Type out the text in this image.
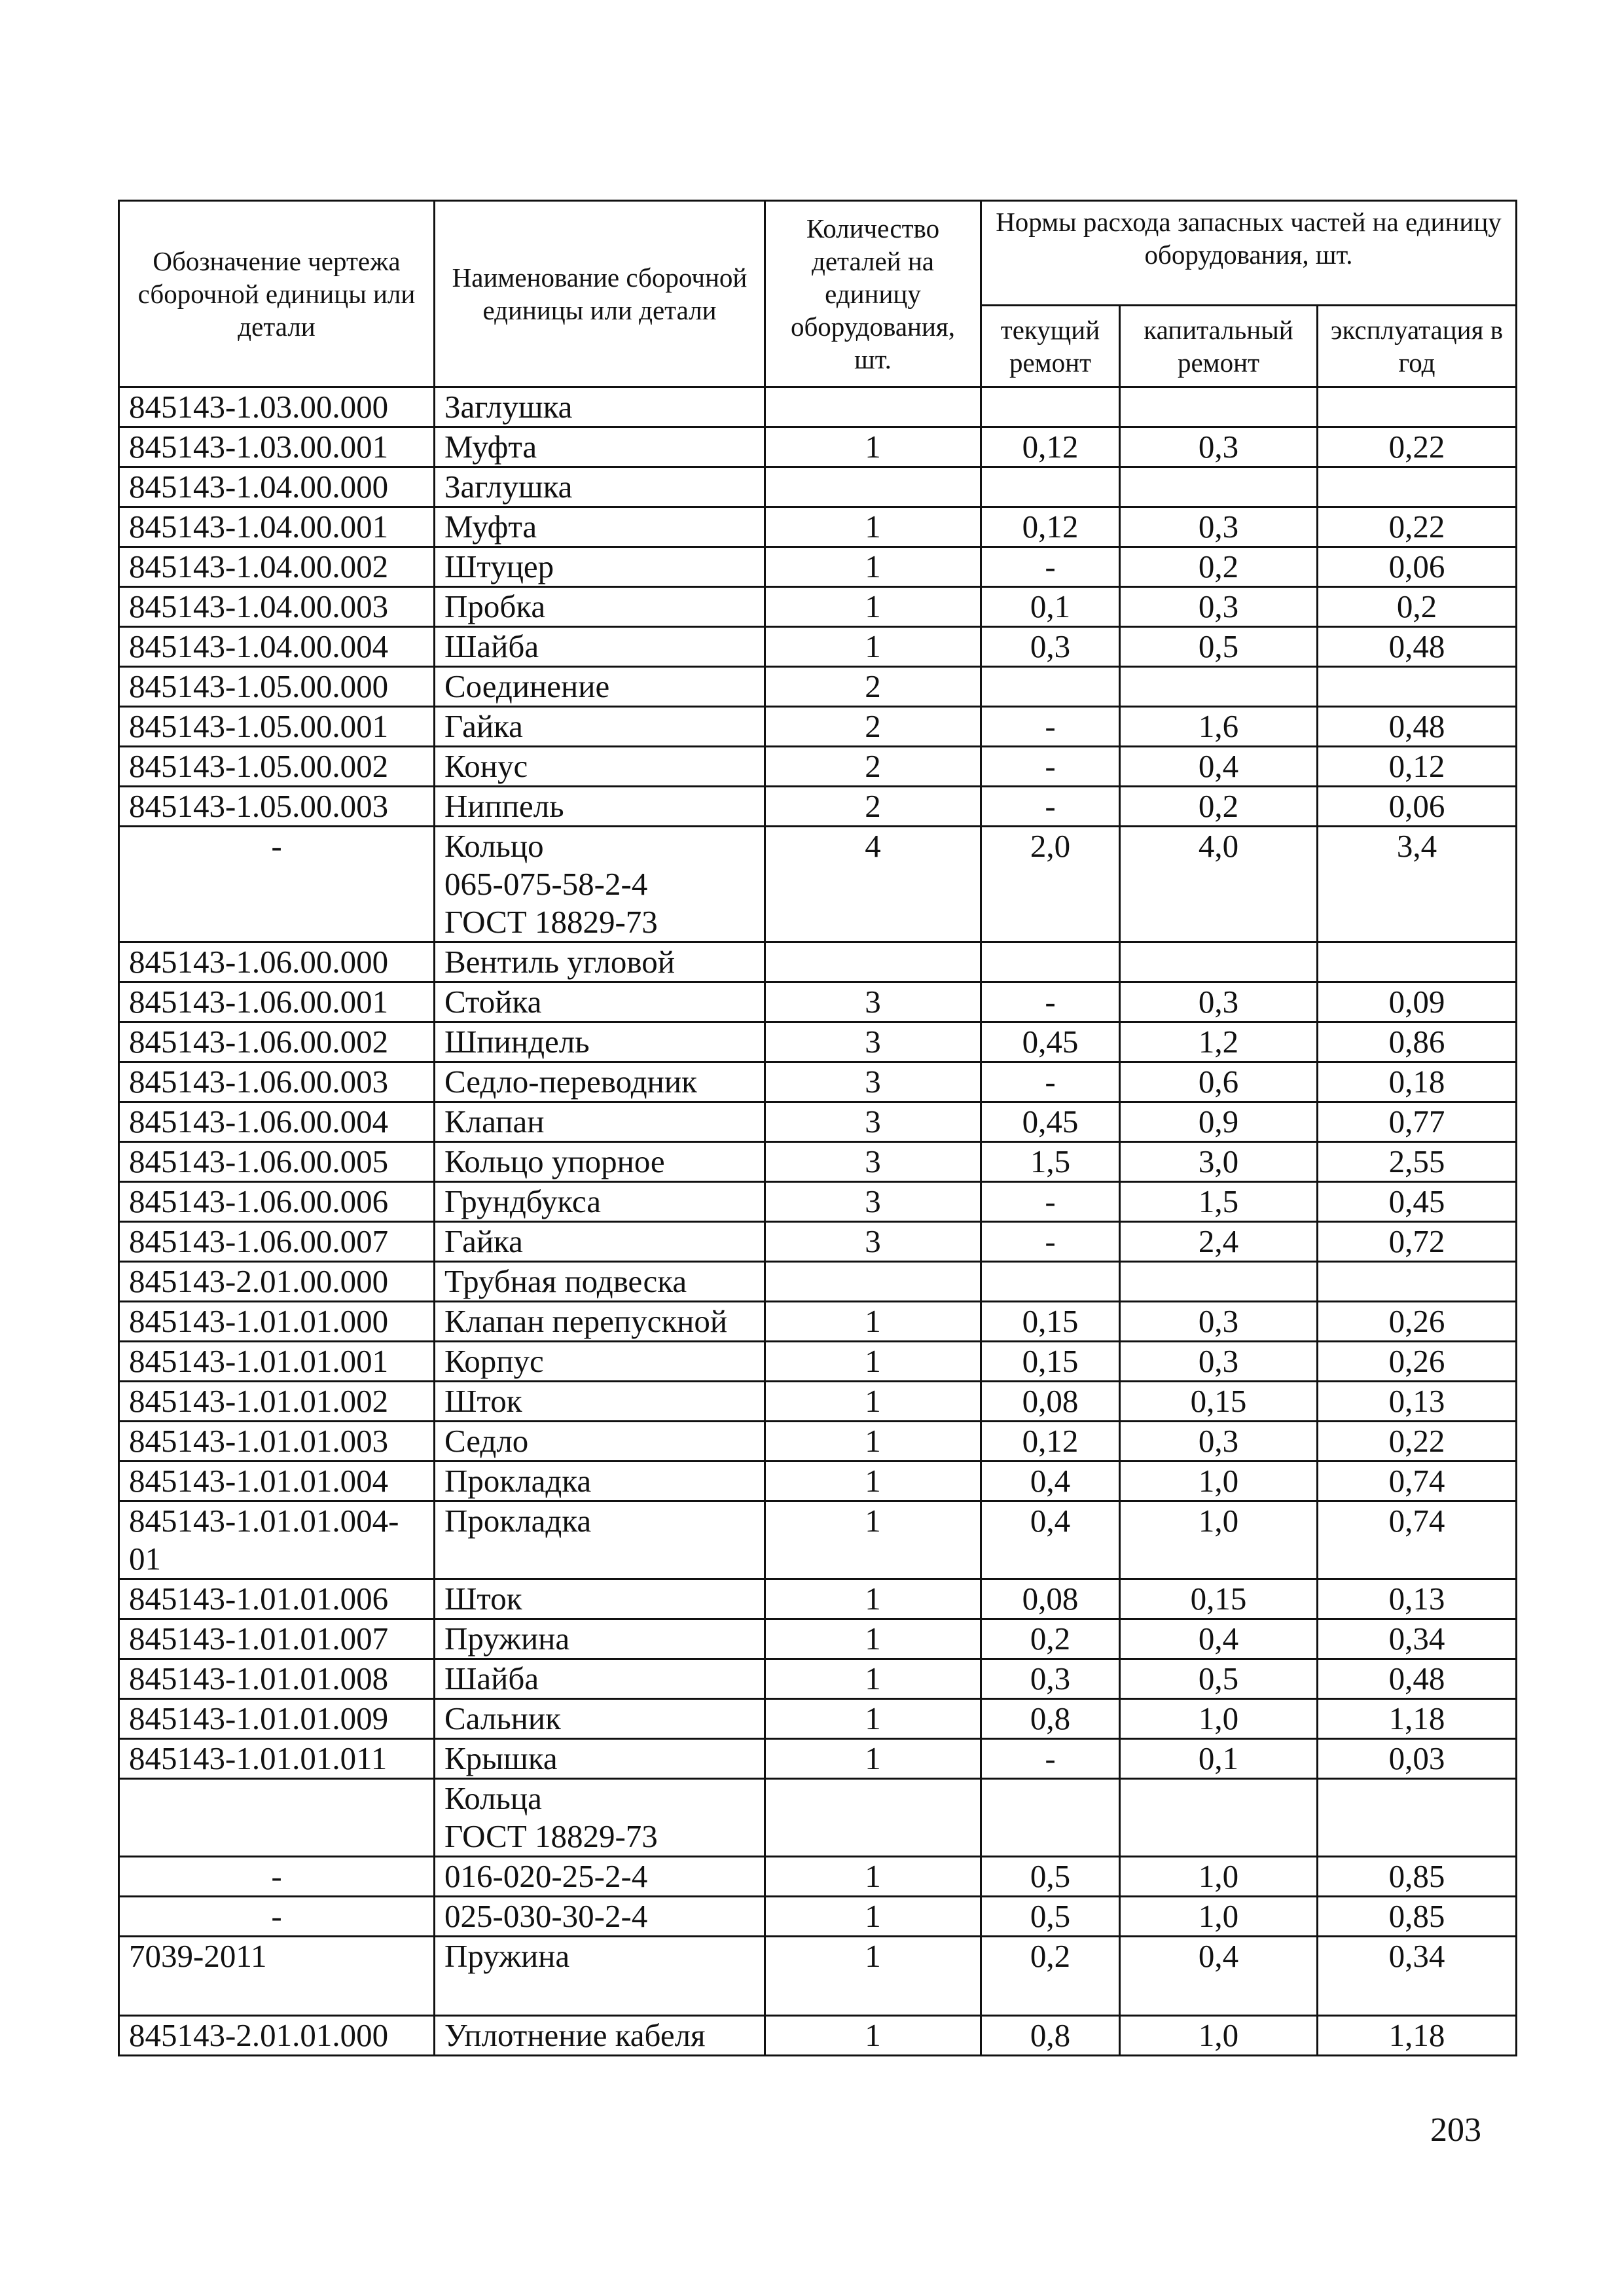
Обозначение чертежа сборочной единицы или детали	Наименование сборочной единицы или детали	Количество деталей на единицу оборудования, шт.	Нормы расхода запасных частей на единицу оборудования, шт.		
			текущий ремонт	капитальный ремонт	эксплуатация в год
845143-1.03.00.000	Заглушка				
845143-1.03.00.001	Муфта	1	0,12	0,3	0,22
845143-1.04.00.000	Заглушка				
845143-1.04.00.001	Муфта	1	0,12	0,3	0,22
845143-1.04.00.002	Штуцер	1	-	0,2	0,06
845143-1.04.00.003	Пробка	1	0,1	0,3	0,2
845143-1.04.00.004	Шайба	1	0,3	0,5	0,48
845143-1.05.00.000	Соединение	2			
845143-1.05.00.001	Гайка	2	-	1,6	0,48
845143-1.05.00.002	Конус	2	-	0,4	0,12
845143-1.05.00.003	Ниппель	2	-	0,2	0,06
-	Кольцо
065-075-58-2-4
ГОСТ 18829-73	4	2,0	4,0	3,4
845143-1.06.00.000	Вентиль угловой				
845143-1.06.00.001	Стойка	3	-	0,3	0,09
845143-1.06.00.002	Шпиндель	3	0,45	1,2	0,86
845143-1.06.00.003	Седло-переводник	3	-	0,6	0,18
845143-1.06.00.004	Клапан	3	0,45	0,9	0,77
845143-1.06.00.005	Кольцо упорное	3	1,5	3,0	2,55
845143-1.06.00.006	Грундбукса	3	-	1,5	0,45
845143-1.06.00.007	Гайка	3	-	2,4	0,72
845143-2.01.00.000	Трубная подвеска				
845143-1.01.01.000	Клапан перепускной	1	0,15	0,3	0,26
845143-1.01.01.001	Корпус	1	0,15	0,3	0,26
845143-1.01.01.002	Шток	1	0,08	0,15	0,13
845143-1.01.01.003	Седло	1	0,12	0,3	0,22
845143-1.01.01.004	Прокладка	1	0,4	1,0	0,74

845143-1.01.01.004-
01	Прокладка	1	0,4	1,0	0,74
845143-1.01.01.006	Шток	1	0,08	0,15	0,13
845143-1.01.01.007	Пружина	1	0,2	0,4	0,34
845143-1.01.01.008	Шайба	1	0,3	0,5	0,48
845143-1.01.01.009	Сальник	1	0,8	1,0	1,18
845143-1.01.01.011	Крышка	1	-	0,1	0,03

	Кольца
ГОСТ 18829-73				

-	016-020-25-2-4	1	0,5	1,0	0,85
-	025-030-30-2-4	1	0,5	1,0	0,85
7039-2011	Пружина	1	0,2	0,4	0,34
845143-2.01.01.000	Уплотнение кабеля	1	0,8	1,0	1,18
203
